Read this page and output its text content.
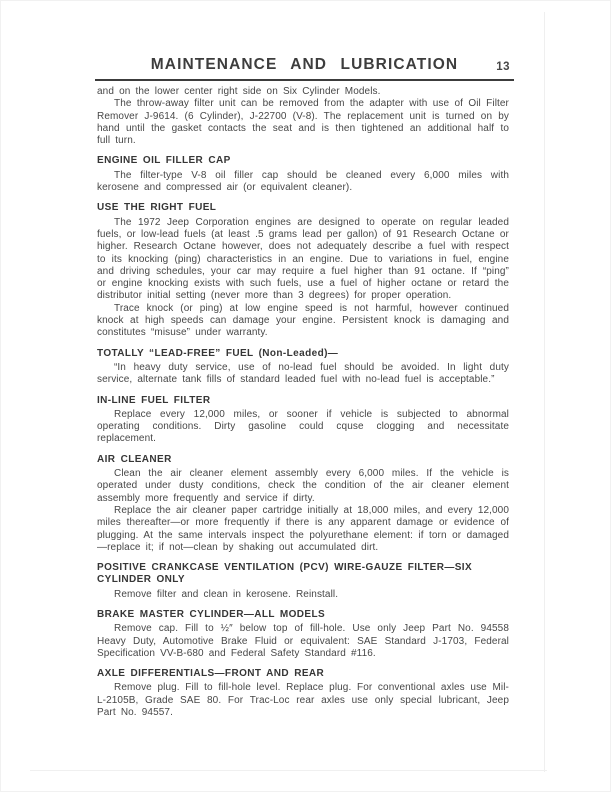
MAINTENANCE AND LUBRICATION	13

and on the lower center right side on Six Cylinder Models.

The throw-away filter unit can be removed from the adapter with use of Oil Filter Remover J-9614. (6 Cylinder), J-22700 (V-8). The replacement unit is turned on by hand until the gasket contacts the seat and is then tightened an additional half to full turn.

ENGINE OIL FILLER CAP

The filter-type V-8 oil filler cap should be cleaned every 6,000 miles with kerosene and compressed air (or equivalent cleaner).

USE THE RIGHT FUEL

The 1972 Jeep Corporation engines are designed to operate on regular leaded fuels, or low-lead fuels (at least .5 grams lead per gallon) of 91 Research Octane or higher. Research Octane however, does not adequately describe a fuel with respect to its knocking (ping) characteristics in an engine. Due to variations in fuel, engine and driving schedules, your car may require a fuel higher than 91 octane. If “ping” or engine knocking exists with such fuels, use a fuel of higher octane or retard the distributor initial setting (never more than 3 degrees) for proper operation.

Trace knock (or ping) at low engine speed is not harmful, however continued knock at high speeds can damage your engine. Persistent knock is damaging and constitutes “misuse” under warranty.

TOTALLY “LEAD-FREE” FUEL (Non-Leaded)—

“In heavy duty service, use of no-lead fuel should be avoided. In light duty service, alternate tank fills of standard leaded fuel with no-lead fuel is acceptable.”

IN-LINE FUEL FILTER

Replace every 12,000 miles, or sooner if vehicle is subjected to abnormal operating conditions. Dirty gasoline could cquse clogging and necessitate replacement.

AIR CLEANER

Clean the air cleaner element assembly every 6,000 miles. If the vehicle is operated under dusty conditions, check the condition of the air cleaner element assembly more frequently and service if dirty.

Replace the air cleaner paper cartridge initially at 18,000 miles, and every 12,000 miles thereafter—or more frequently if there is any apparent damage or evidence of plugging. At the same intervals inspect the polyurethane element: if torn or damaged—replace it; if not—clean by shaking out accumulated dirt.

POSITIVE CRANKCASE VENTILATION (PCV) WIRE-GAUZE FILTER—SIX CYLINDER ONLY

Remove filter and clean in kerosene. Reinstall.

BRAKE MASTER CYLINDER—ALL MODELS

Remove cap. Fill to ½″ below top of fill-hole. Use only Jeep Part No. 94558 Heavy Duty, Automotive Brake Fluid or equivalent: SAE Standard J-1703, Federal Specification VV-B-680 and Federal Safety Standard #116.

AXLE DIFFERENTIALS—FRONT AND REAR

Remove plug. Fill to fill-hole level. Replace plug. For conventional axles use Mil-L-2105B, Grade SAE 80. For Trac-Loc rear axles use only special lubricant, Jeep Part No. 94557.
